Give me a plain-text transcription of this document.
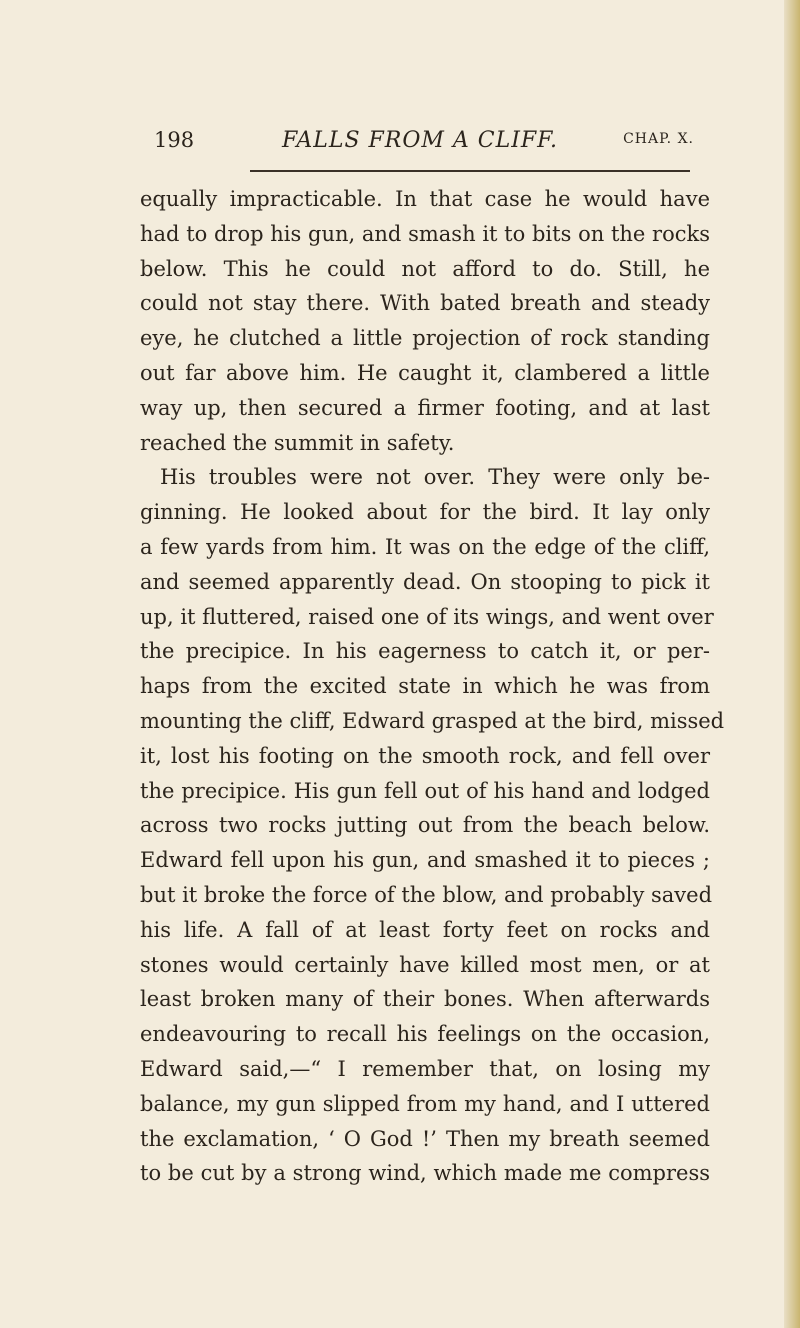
198	FALLS FROM A CLIFF.	CHAP. X.
equally impracticable. In that case he would have
had to drop his gun, and smash it to bits on the rocks
below. This he could not afford to do. Still, he
could not stay there. With bated breath and steady
eye, he clutched a little projection of rock standing
out far above him. He caught it, clambered a little
way up, then secured a firmer footing, and at last
reached the summit in safety.
His troubles were not over. They were only be-
ginning. He looked about for the bird. It lay only
a few yards from him. It was on the edge of the cliff,
and seemed apparently dead. On stooping to pick it
up, it fluttered, raised one of its wings, and went over
the precipice. In his eagerness to catch it, or per-
haps from the excited state in which he was from
mounting the cliff, Edward grasped at the bird, missed
it, lost his footing on the smooth rock, and fell over
the precipice. His gun fell out of his hand and lodged
across two rocks jutting out from the beach below.
Edward fell upon his gun, and smashed it to pieces ;
but it broke the force of the blow, and probably saved
his life. A fall of at least forty feet on rocks and
stones would certainly have killed most men, or at
least broken many of their bones. When afterwards
endeavouring to recall his feelings on the occasion,
Edward said,—“ I remember that, on losing my
balance, my gun slipped from my hand, and I uttered
the exclamation, ‘ O God !’ Then my breath seemed
to be cut by a strong wind, which made me compress
